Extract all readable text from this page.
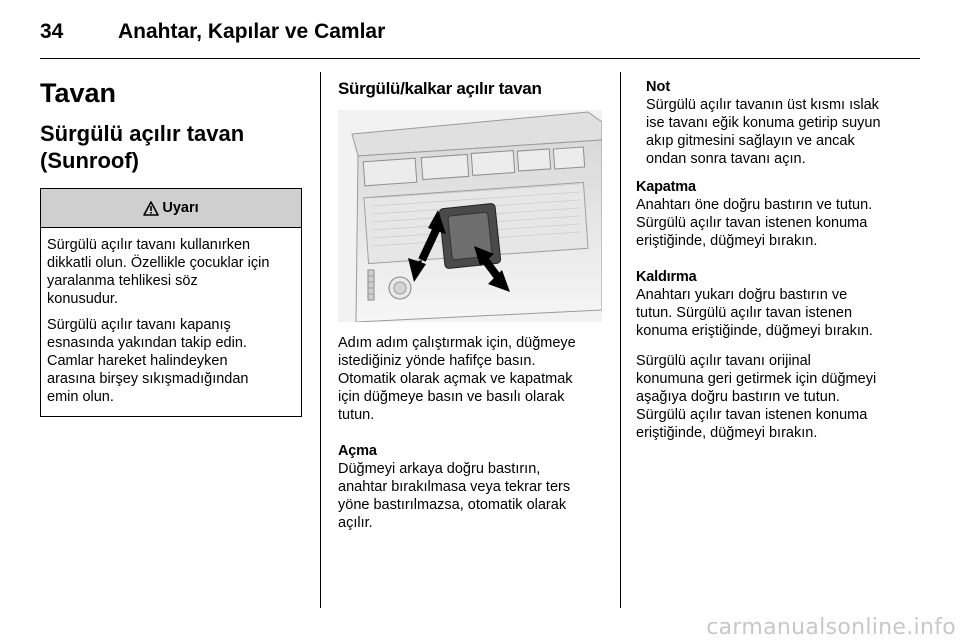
34	Anahtar, Kapılar ve Camlar
Tavan
Sürgülü açılır tavan
(Sunroof)
Uyarı

Sürgülü açılır tavanı kullanırken
dikkatli olun. Özellikle çocuklar için
yaralanma tehlikesi söz
konusudur.

Sürgülü açılır tavanı kapanış
esnasında yakından takip edin.
Camlar hareket halindeyken
arasına birşey sıkışmadığından
emin olun.

Sürgülü/kalkar açılır tavan

Adım adım çalıştırmak için, düğmeye
istediğiniz yönde hafifçe basın.
Otomatik olarak açmak ve kapatmak
için düğmeye basın ve basılı olarak
tutun.

Açma

Düğmeyi arkaya doğru bastırın,
anahtar bırakılmasa veya tekrar ters
yöne bastırılmazsa, otomatik olarak
açılır.

Not

Sürgülü açılır tavanın üst kısmı ıslak
ise tavanı eğik konuma getirip suyun
akıp gitmesini sağlayın ve ancak
ondan sonra tavanı açın.

Kapatma

Anahtarı öne doğru bastırın ve tutun.
Sürgülü açılır tavan istenen konuma
eriştiğinde, düğmeyi bırakın.

Kaldırma

Anahtarı yukarı doğru bastırın ve
tutun. Sürgülü açılır tavan istenen
konuma eriştiğinde, düğmeyi bırakın.

Sürgülü açılır tavanı orijinal
konumuna geri getirmek için düğmeyi
aşağıya doğru bastırın ve tutun.
Sürgülü açılır tavan istenen konuma
eriştiğinde, düğmeyi bırakın.

carmanualsonline.info
